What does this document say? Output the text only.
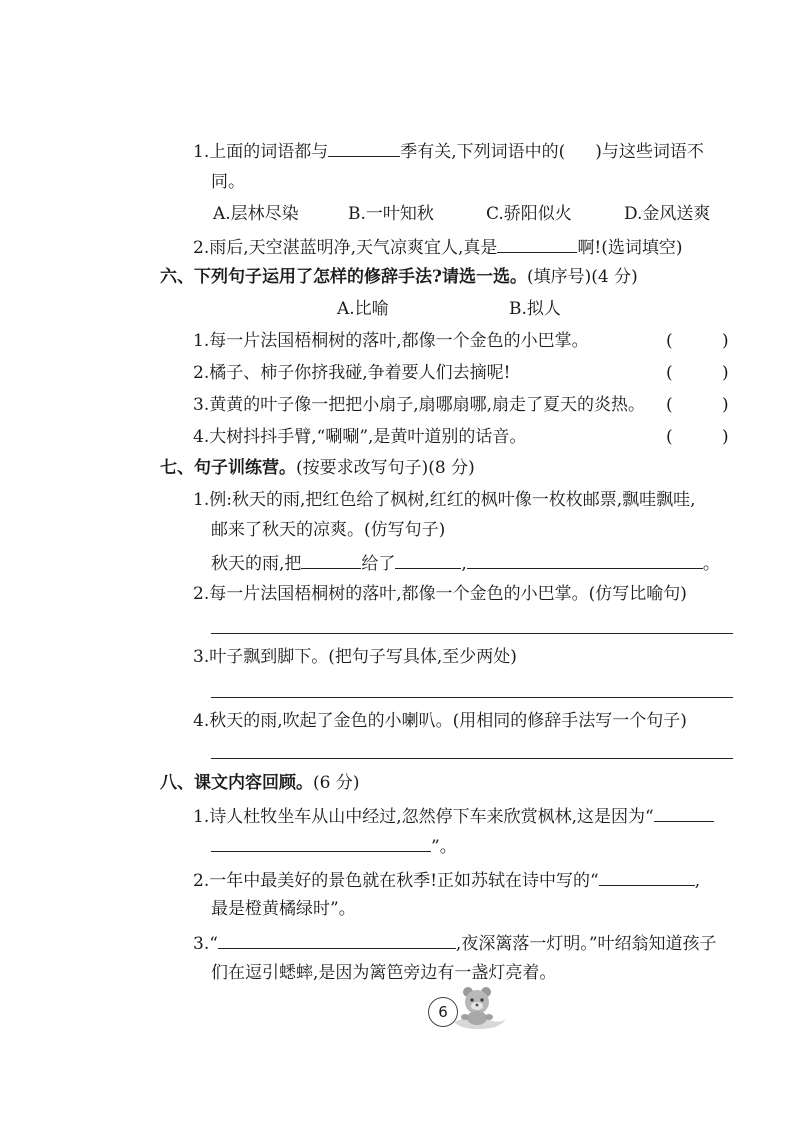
1.上面的词语都与	季有关,下列词语中的( )与这些词语不
同。
A.层林尽染	B.一叶知秋	C.骄阳似火	D.金风送爽
2.雨后,天空湛蓝明净,天气凉爽宜人,真是	啊!(选词填空)
六、下列句子运用了怎样的修辞手法?请选一选。(填序号)(4 分)
A.比喻	B.拟人
1.每一片法国梧桐树的落叶,都像一个金色的小巴掌。	(	)
2.橘子、柿子你挤我碰,争着要人们去摘呢!	(	)
3.黄黄的叶子像一把把小扇子,扇哪扇哪,扇走了夏天的炎热。 (	)
4.大树抖抖手臂,“唰唰”,是黄叶道别的话音。	(	)
七、句子训练营。(按要求改写句子)(8 分)
1.例:秋天的雨,把红色给了枫树,红红的枫叶像一枚枚邮票,飘哇飘哇,
邮来了秋天的凉爽。(仿写句子)
秋天的雨,把	给了	,	。
2.每一片法国梧桐树的落叶,都像一个金色的小巴掌。(仿写比喻句)
3.叶子飘到脚下。(把句子写具体,至少两处)
4.秋天的雨,吹起了金色的小喇叭。(用相同的修辞手法写一个句子)
八、课文内容回顾。(6 分)
1.诗人杜牧坐车从山中经过,忽然停下车来欣赏枫林,这是因为“
”。
2.一年中最美好的景色就在秋季!正如苏轼在诗中写的“	,
最是橙黄橘绿时”。
3.“	,夜深篱落一灯明。”叶绍翁知道孩子
们在逗引蟋蟀,是因为篱笆旁边有一盏灯亮着。
6
